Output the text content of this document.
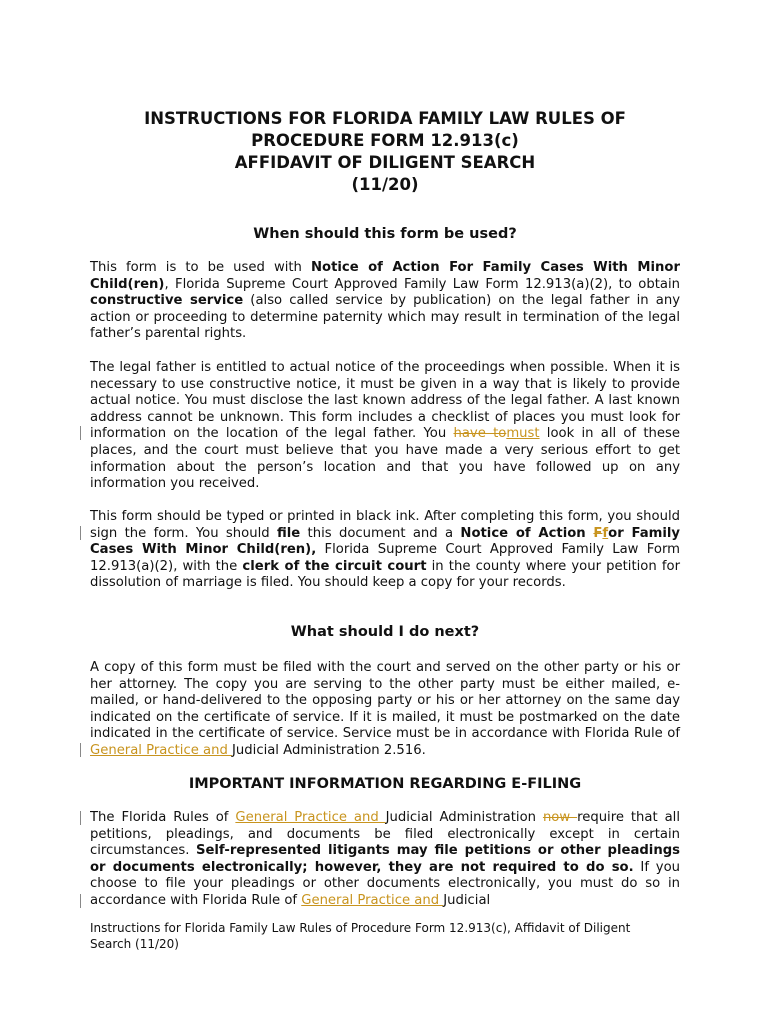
INSTRUCTIONS FOR FLORIDA FAMILY LAW RULES OF
PROCEDURE FORM 12.913(c)
AFFIDAVIT OF DILIGENT SEARCH
(11/20)
When should this form be used?
This form is to be used with Notice of Action For Family Cases With Minor Child(ren), Florida Supreme Court Approved Family Law Form 12.913(a)(2), to obtain constructive service (also called service by publication) on the legal father in any action or proceeding to determine paternity which may result in termination of the legal father’s parental rights.
The legal father is entitled to actual notice of the proceedings when possible. When it is necessary to use constructive notice, it must be given in a way that is likely to provide actual notice. You must disclose the last known address of the legal father. A last known address cannot be unknown. This form includes a checklist of places you must look for information on the location of the legal father. You have tomust look in all of these places, and the court must believe that you have made a very serious effort to get information about the person’s location and that you have followed up on any information you received.
This form should be typed or printed in black ink. After completing this form, you should sign the form. You should file this document and a Notice of Action Ffor Family Cases With Minor Child(ren), Florida Supreme Court Approved Family Law Form 12.913(a)(2), with the clerk of the circuit court in the county where your petition for dissolution of marriage is filed. You should keep a copy for your records.
What should I do next?
A copy of this form must be filed with the court and served on the other party or his or her attorney. The copy you are serving to the other party must be either mailed, e-mailed, or hand-delivered to the opposing party or his or her attorney on the same day indicated on the certificate of service. If it is mailed, it must be postmarked on the date indicated in the certificate of service. Service must be in accordance with Florida Rule of General Practice and Judicial Administration 2.516.
IMPORTANT INFORMATION REGARDING E-FILING
The Florida Rules of General Practice and Judicial Administration now require that all petitions, pleadings, and documents be filed electronically except in certain circumstances. Self-represented litigants may file petitions or other pleadings or documents electronically; however, they are not required to do so. If you choose to file your pleadings or other documents electronically, you must do so in accordance with Florida Rule of General Practice and Judicial
Instructions for Florida Family Law Rules of Procedure Form 12.913(c), Affidavit of Diligent
Search (11/20)
